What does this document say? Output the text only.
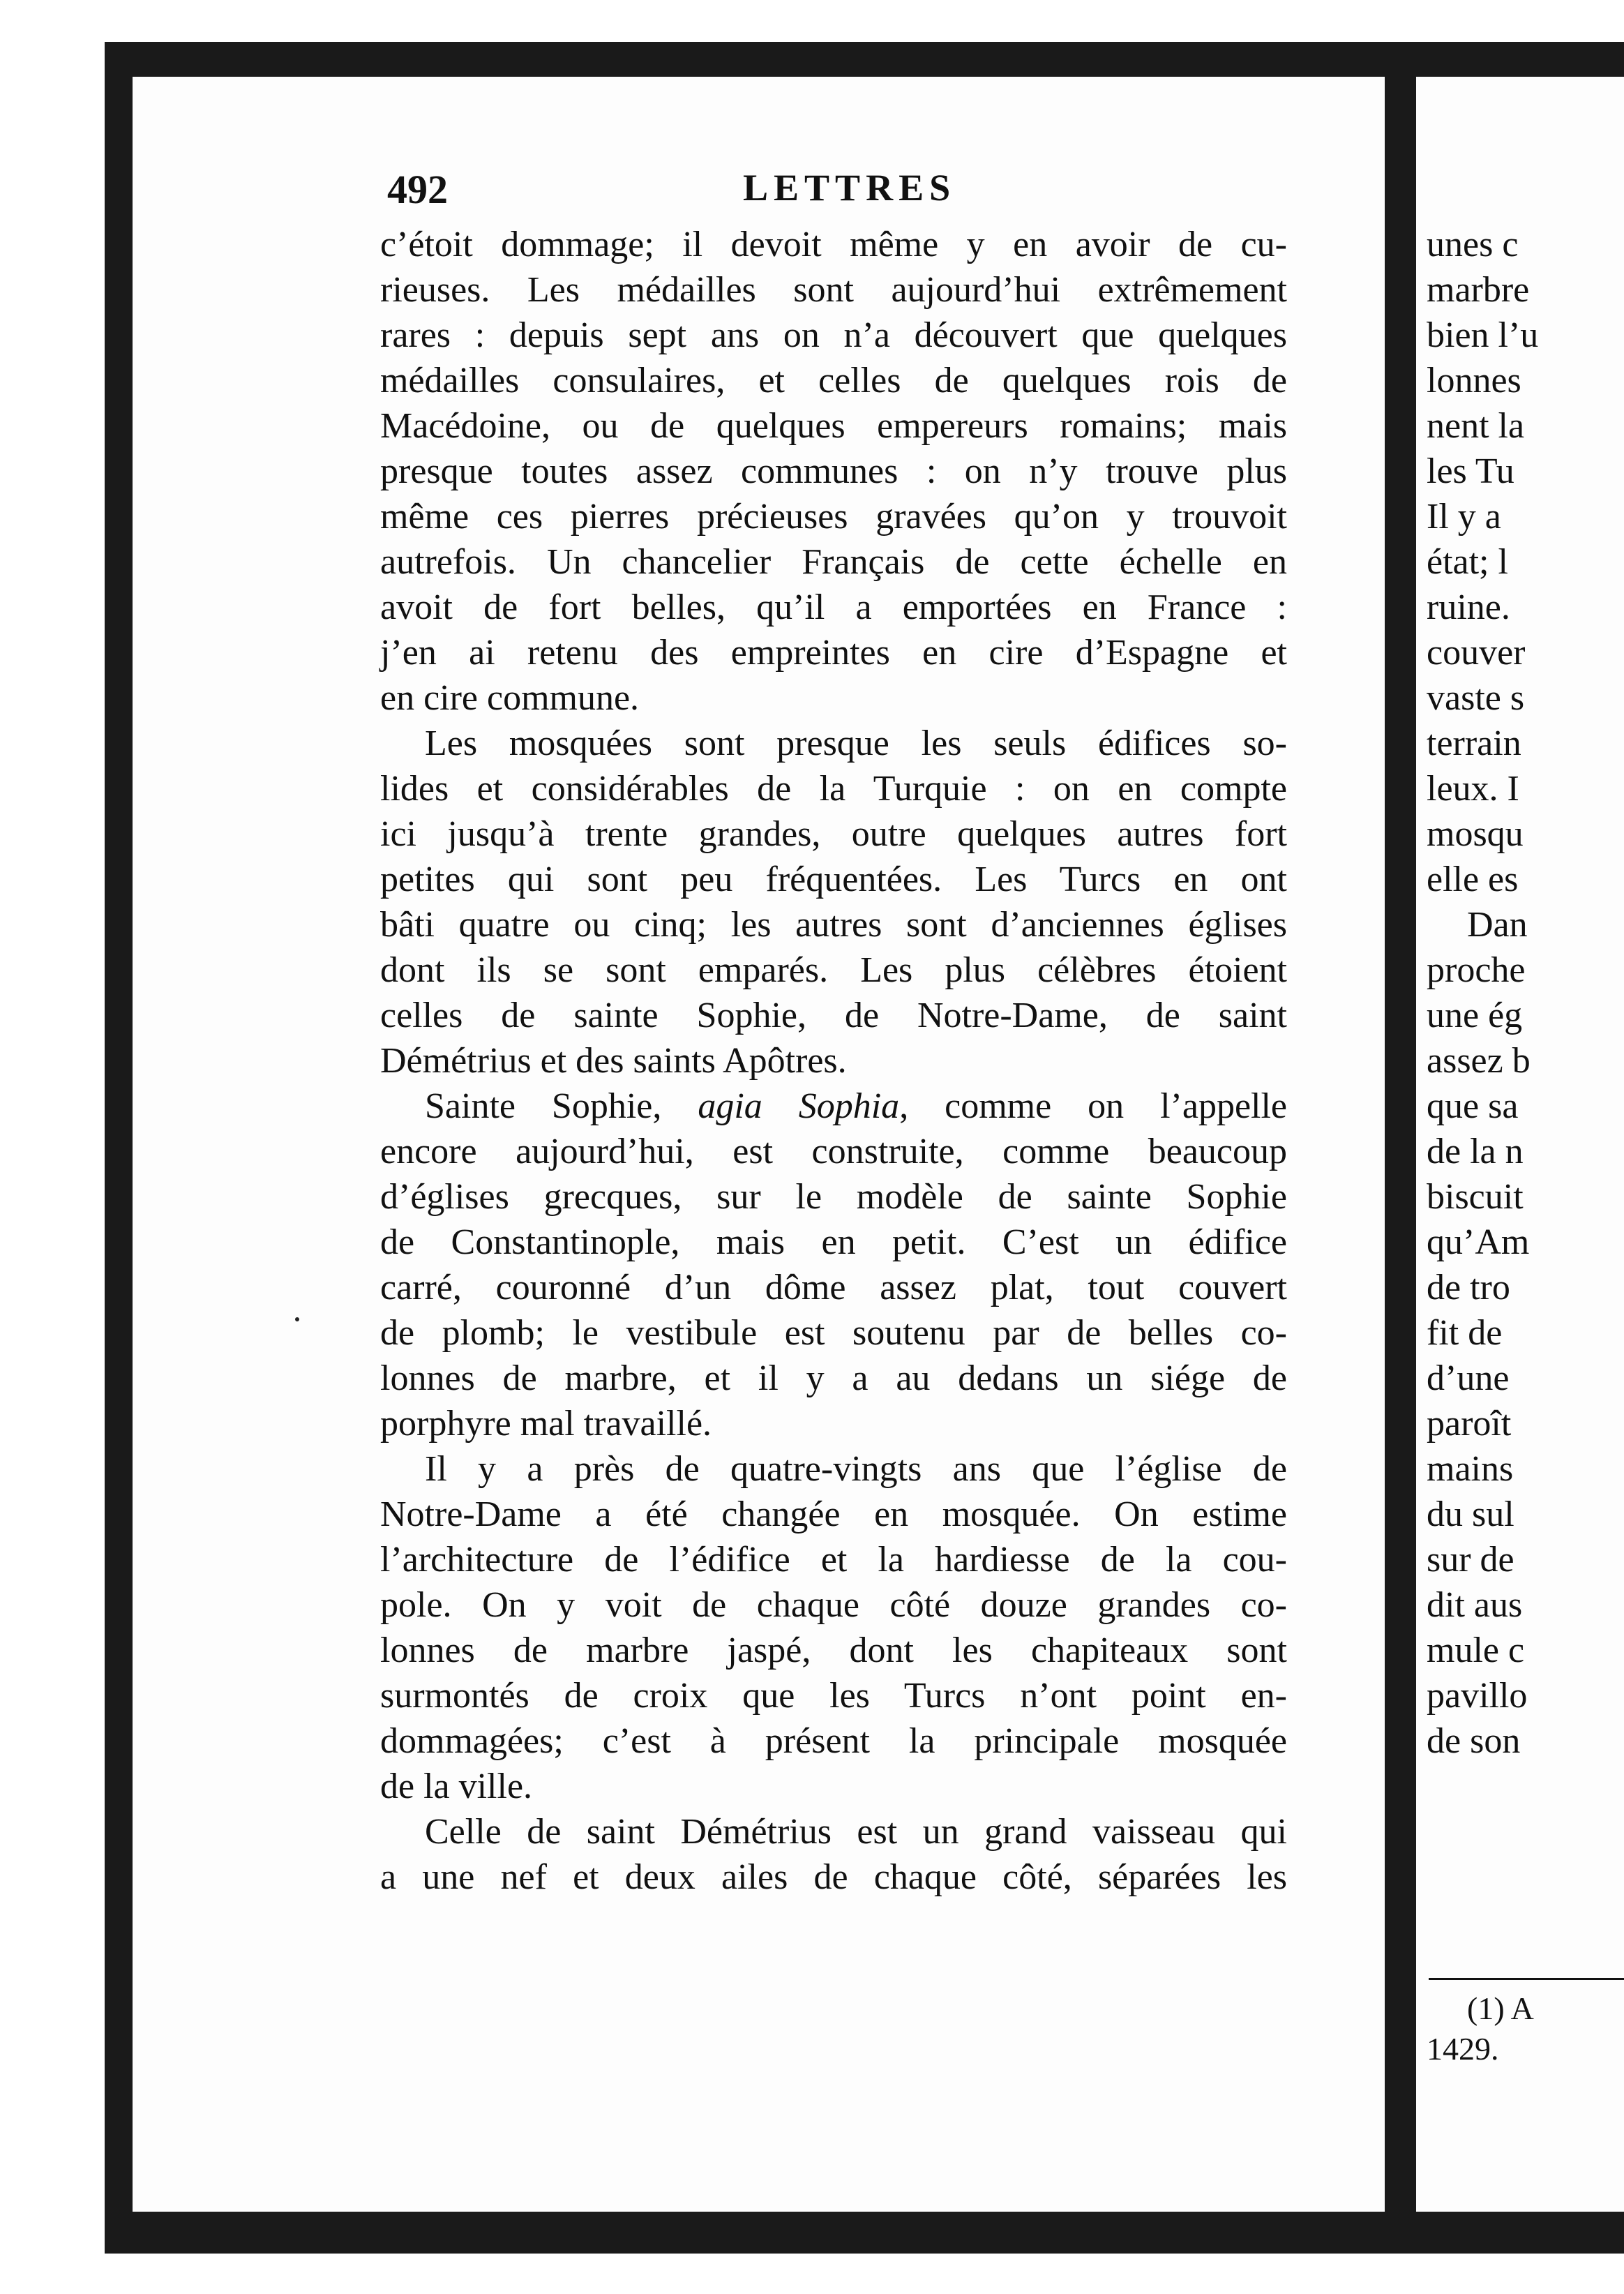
492	LETTRES
c’étoit dommage; il devoit même y en avoir de cu-
rieuses. Les médailles sont aujourd’hui extrêmement
rares : depuis sept ans on n’a découvert que quelques
médailles consulaires, et celles de quelques rois de
Macédoine, ou de quelques empereurs romains; mais
presque toutes assez communes : on n’y trouve plus
même ces pierres précieuses gravées qu’on y trouvoit
autrefois. Un chancelier Français de cette échelle en
avoit de fort belles, qu’il a emportées en France :
j’en ai retenu des empreintes en cire d’Espagne et
en cire commune.
Les mosquées sont presque les seuls édifices so-
lides et considérables de la Turquie : on en compte
ici jusqu’à trente grandes, outre quelques autres fort
petites qui sont peu fréquentées. Les Turcs en ont
bâti quatre ou cinq; les autres sont d’anciennes églises
dont ils se sont emparés. Les plus célèbres étoient
celles de sainte Sophie, de Notre-Dame, de saint
Démétrius et des saints Apôtres.
Sainte Sophie, agia Sophia, comme on l’appelle
encore aujourd’hui, est construite, comme beaucoup
d’églises grecques, sur le modèle de sainte Sophie
de Constantinople, mais en petit. C’est un édifice
carré, couronné d’un dôme assez plat, tout couvert
de plomb; le vestibule est soutenu par de belles co-
lonnes de marbre, et il y a au dedans un siége de
porphyre mal travaillé.
Il y a près de quatre-vingts ans que l’église de
Notre-Dame a été changée en mosquée. On estime
l’architecture de l’édifice et la hardiesse de la cou-
pole. On y voit de chaque côté douze grandes co-
lonnes de marbre jaspé, dont les chapiteaux sont
surmontés de croix que les Turcs n’ont point en-
dommagées; c’est à présent la principale mosquée
de la ville.
Celle de saint Démétrius est un grand vaisseau qui
a une nef et deux ailes de chaque côté, séparées les
unes c
marbre
bien l’u
lonnes
nent la
les Tu
Il y a
état; l
ruine.
couver
vaste s
terrain
leux. I
mosqu
elle es
Dan
proche
une ég
assez b
que sa
de la n
biscuit
qu’Am
de tro
fit de
d’une
paroît
mains
du sul
sur de
dit aus
mule c
pavillo
de son
(1) A
1429.
